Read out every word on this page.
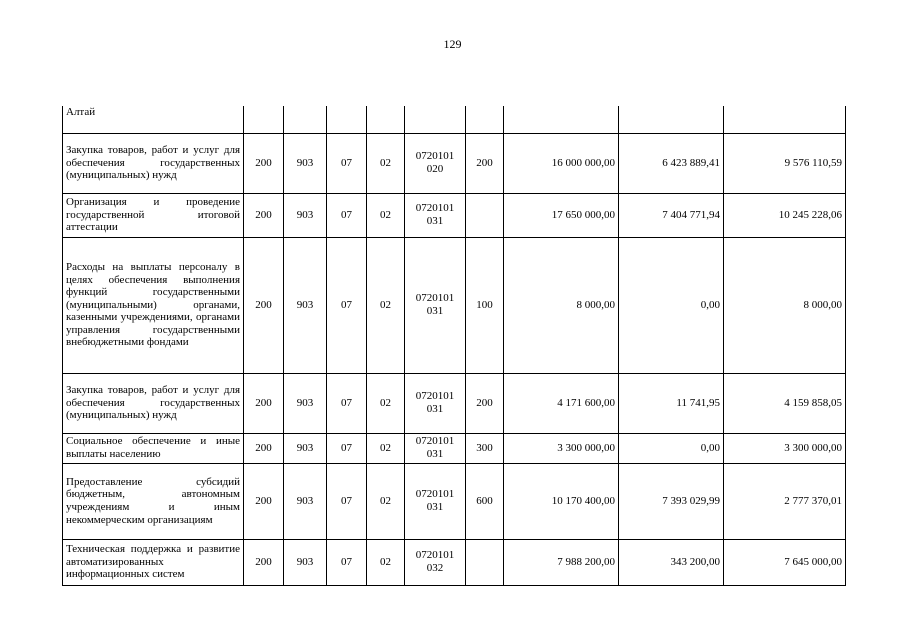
129
Алтай									
Закупка товаров, работ и услуг для обеспечения государственных (муниципальных) нужд	200	903	07	02	0720101 020	200	16 000 000,00	6 423 889,41	9 576 110,59
Организация и проведение государственной итоговой аттестации	200	903	07	02	0720101 031		17 650 000,00	7 404 771,94	10 245 228,06
Расходы на выплаты персоналу в целях обеспечения выполнения функций государственными (муниципальными) органами, казенными учреждениями, органами управления государственными внебюджетными фондами	200	903	07	02	0720101 031	100	8 000,00	0,00	8 000,00
Закупка товаров, работ и услуг для обеспечения государственных (муниципальных) нужд	200	903	07	02	0720101 031	200	4 171 600,00	11 741,95	4 159 858,05
Социальное обеспечение и иные выплаты населению	200	903	07	02	0720101 031	300	3 300 000,00	0,00	3 300 000,00
Предоставление субсидий бюджетным, автономным учреждениям и иным некоммерческим организациям	200	903	07	02	0720101 031	600	10 170 400,00	7 393 029,99	2 777 370,01
Техническая поддержка и развитие автоматизированных информационных систем	200	903	07	02	0720101 032		7 988 200,00	343 200,00	7 645 000,00
